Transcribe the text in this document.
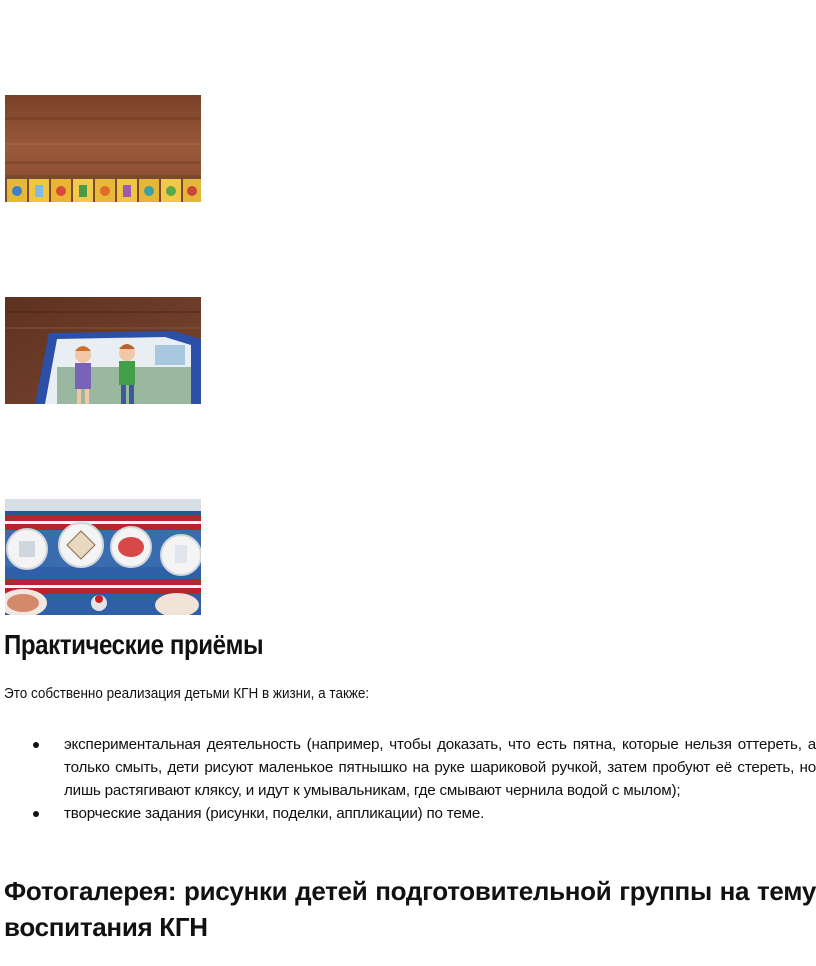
Практические приёмы

Это собственно реализация детьми КГН в жизни, а также:

экспериментальная деятельность (например, чтобы доказать, что есть пятна, которые нельзя оттереть, а только смыть, дети рисуют маленькое пятнышко на руке шариковой ручкой, затем пробуют её стереть, но лишь растягивают кляксу, и идут к умывальникам, где смывают чернила водой с мылом);
творческие задания (рисунки, поделки, аппликации) по теме.
Фотогалерея: рисунки детей подготовительной группы на тему воспитания КГН
